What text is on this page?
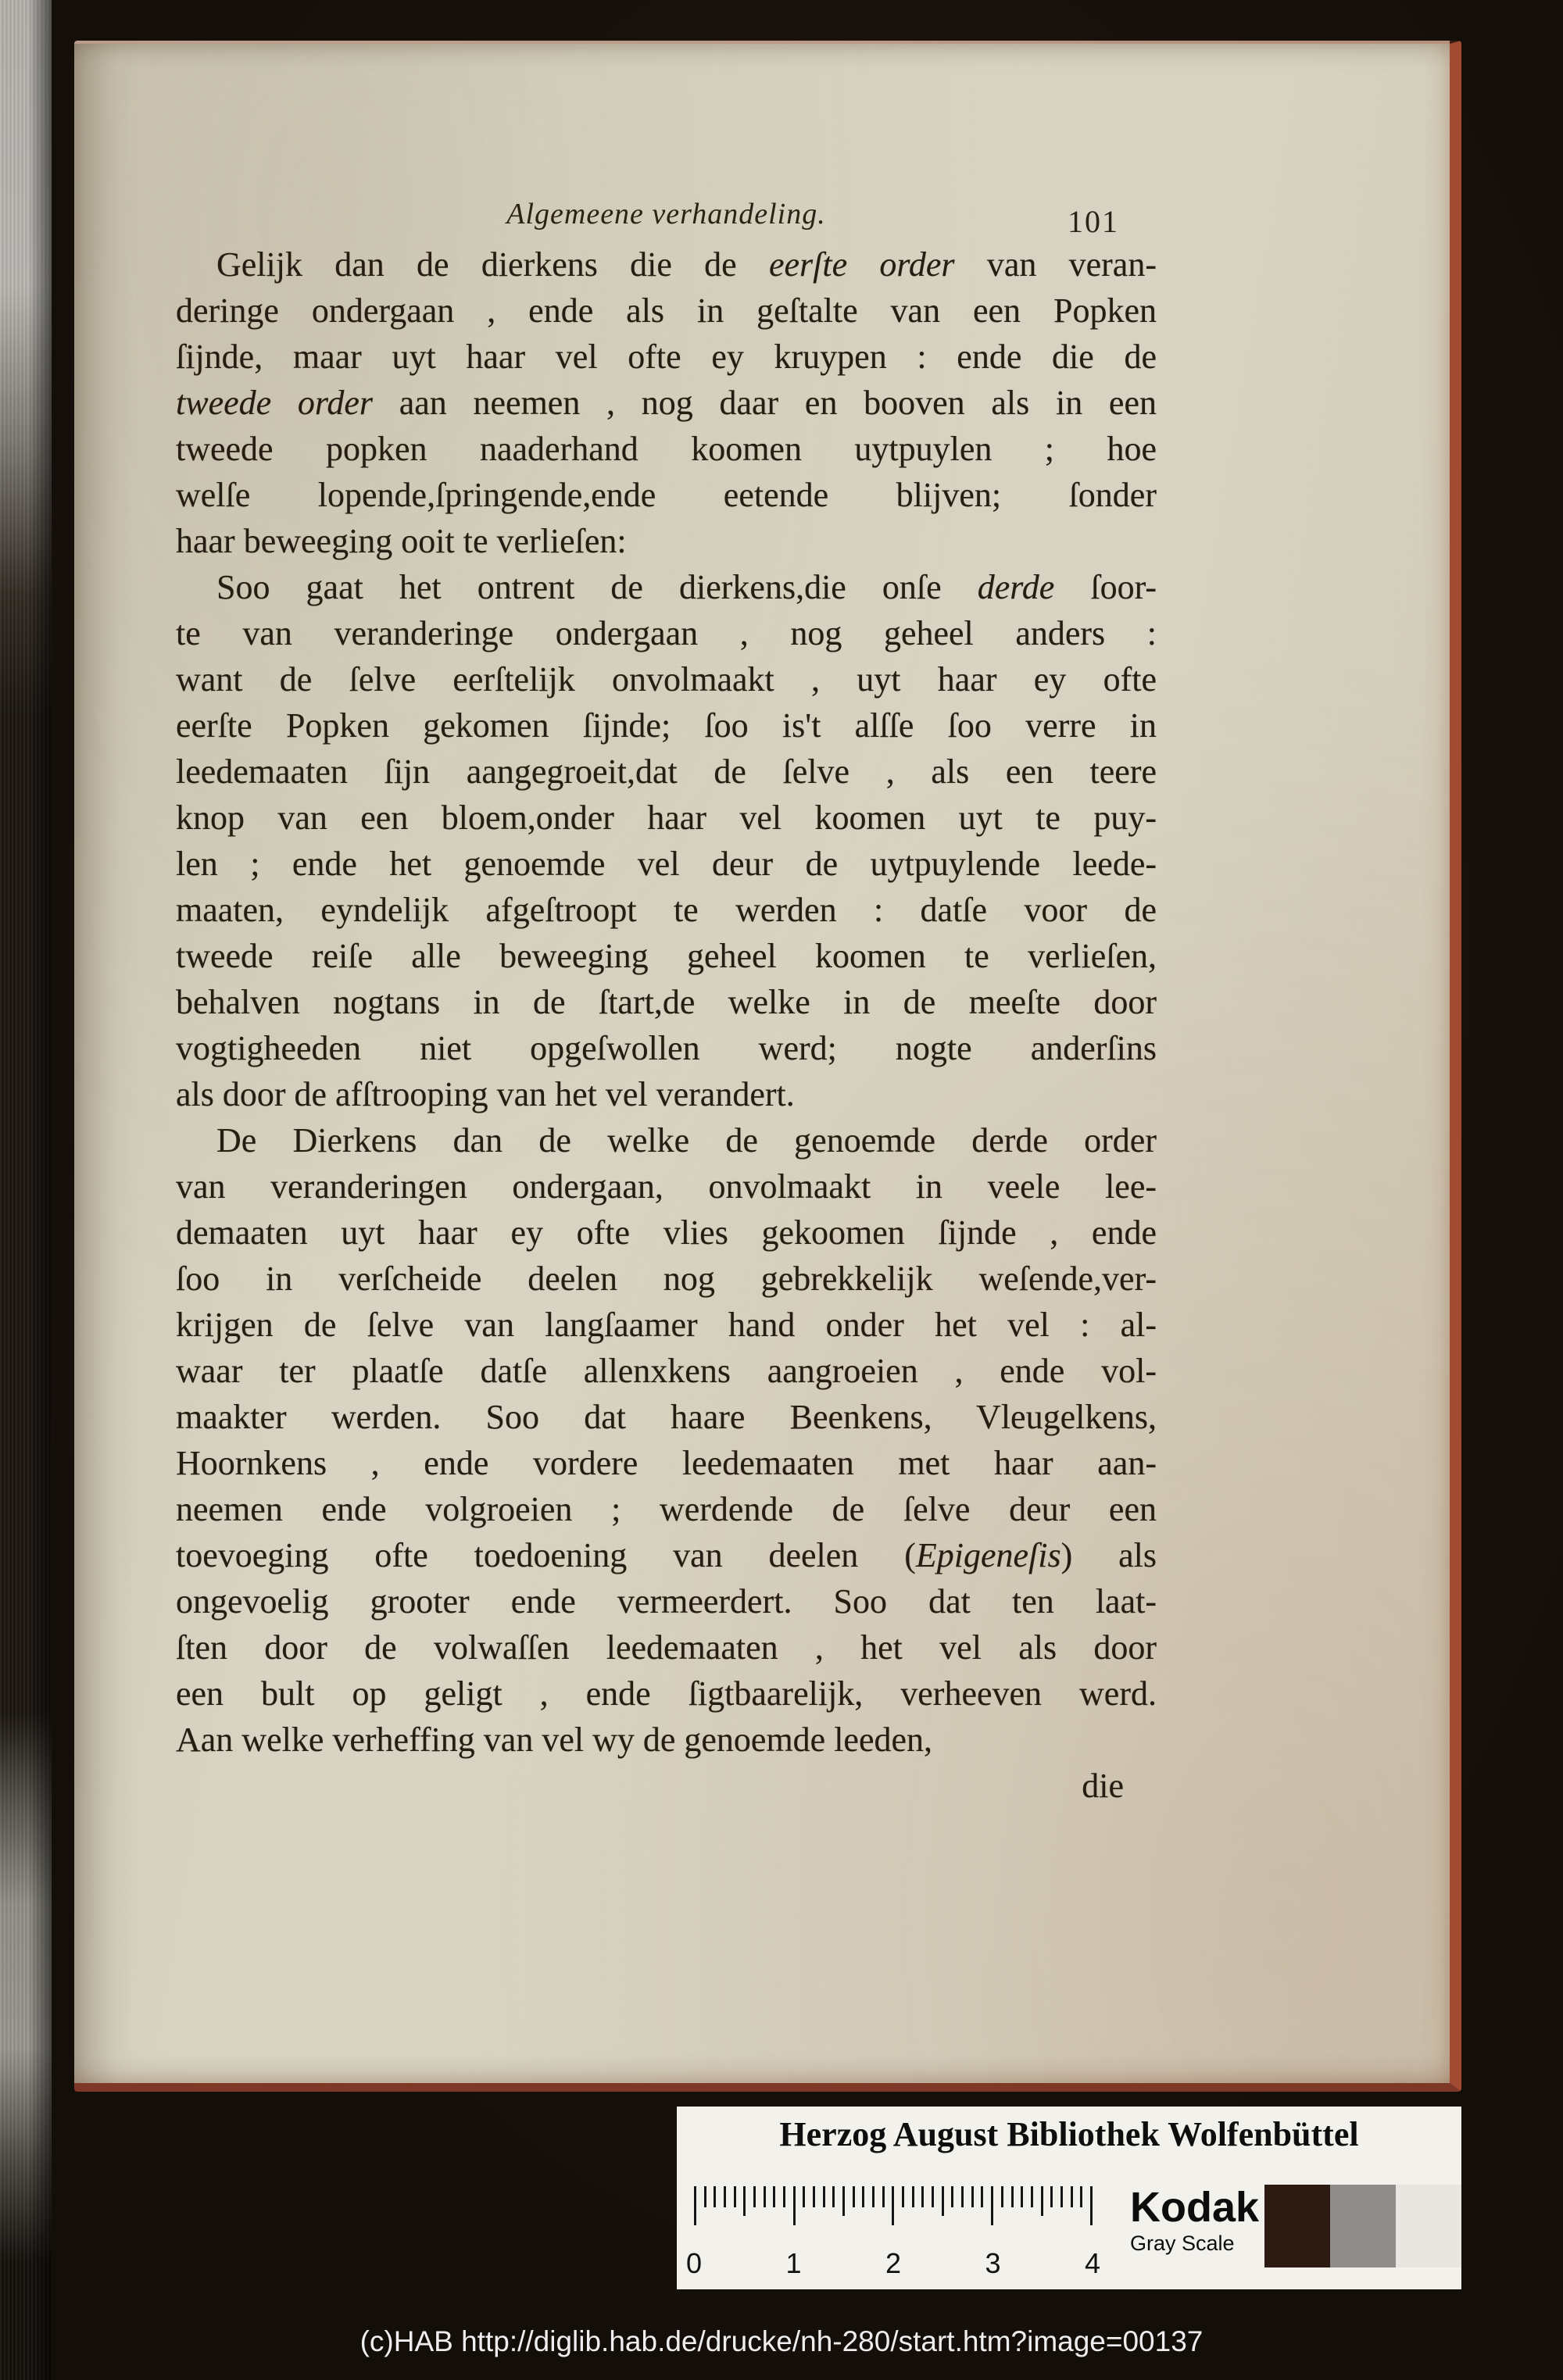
Algemeene verhandeling.	101
Gelijk dan de dierkens die de eerſte order van veran-
deringe ondergaan , ende als in geſtalte van een Popken
ſijnde, maar uyt haar vel ofte ey kruypen : ende die de
tweede order aan neemen , nog daar en booven als in een
tweede popken naaderhand koomen uytpuylen ; hoe
welſe lopende,ſpringende,ende eetende blijven; ſonder
haar beweeging ooit te verlieſen:
Soo gaat het ontrent de dierkens,die onſe derde ſoor-
te van veranderinge ondergaan , nog geheel anders :
want de ſelve eerſtelijk onvolmaakt , uyt haar ey ofte
eerſte Popken gekomen ſijnde; ſoo is't alſſe ſoo verre in
leedemaaten ſijn aangegroeit,dat de ſelve , als een teere
knop van een bloem,onder haar vel koomen uyt te puy-
len ; ende het genoemde vel deur de uytpuylende leede-
maaten, eyndelijk afgeſtroopt te werden : datſe voor de
tweede reiſe alle beweeging geheel koomen te verlieſen,
behalven nogtans in de ſtart,de welke in de meeſte door
vogtigheeden niet opgeſwollen werd; nogte anderſins
als door de afſtrooping van het vel verandert.
De Dierkens dan de welke de genoemde derde order
van veranderingen ondergaan, onvolmaakt in veele lee-
demaaten uyt haar ey ofte vlies gekoomen ſijnde , ende
ſoo in verſcheide deelen nog gebrekkelijk weſende,ver-
krijgen de ſelve van langſaamer hand onder het vel : al-
waar ter plaatſe datſe allenxkens aangroeien , ende vol-
maakter werden. Soo dat haare Beenkens, Vleugelkens,
Hoornkens , ende vordere leedemaaten met haar aan-
neemen ende volgroeien ; werdende de ſelve deur een
toevoeging ofte toedoening van deelen (Epigeneſis) als
ongevoelig grooter ende vermeerdert. Soo dat ten laat-
ſten door de volwaſſen leedemaaten , het vel als door
een bult op geligt , ende ſigtbaarelijk, verheeven werd.
Aan welke verheffing van vel wy de genoemde leeden,
die
Herzog August Bibliothek Wolfenbüttel
0	1	2	3	4
Kodak
Gray Scale
(c)HAB http://diglib.hab.de/drucke/nh-280/start.htm?image=00137
